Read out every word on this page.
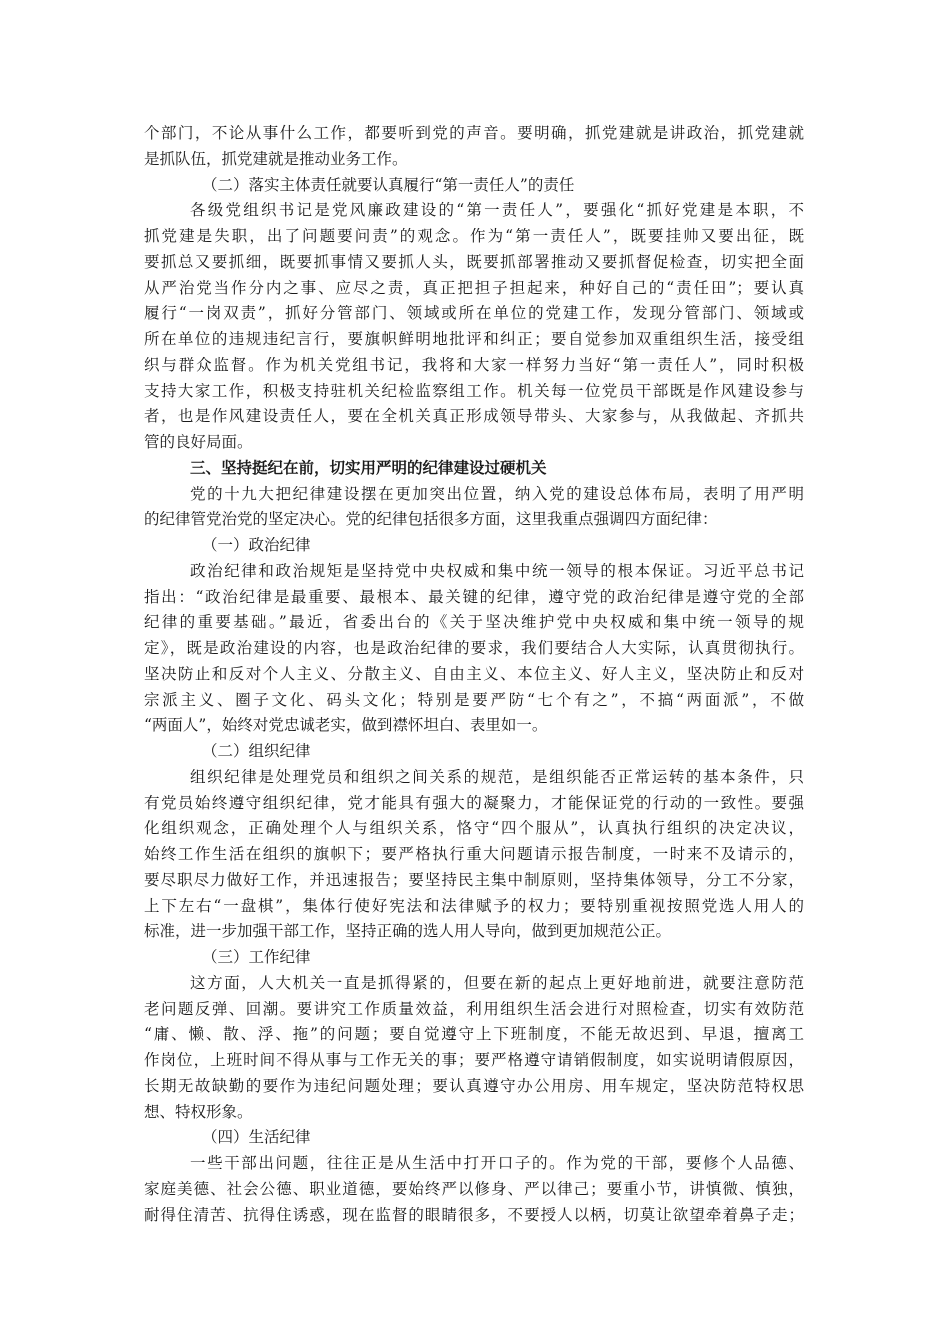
个部门，不论从事什么工作，都要听到党的声音。要明确，抓党建就是讲政治，抓党建就
是抓队伍，抓党建就是推动业务工作。
（二）落实主体责任就要认真履行“第一责任人”的责任
各级党组织书记是党风廉政建设的“第一责任人”，要强化“抓好党建是本职，不
抓党建是失职，出了问题要问责”的观念。作为“第一责任人”，既要挂帅又要出征，既
要抓总又要抓细，既要抓事情又要抓人头，既要抓部署推动又要抓督促检查，切实把全面
从严治党当作分内之事、应尽之责，真正把担子担起来，种好自己的“责任田”；要认真
履行“一岗双责”，抓好分管部门、领域或所在单位的党建工作，发现分管部门、领域或
所在单位的违规违纪言行，要旗帜鲜明地批评和纠正；要自觉参加双重组织生活，接受组
织与群众监督。作为机关党组书记，我将和大家一样努力当好“第一责任人”，同时积极
支持大家工作，积极支持驻机关纪检监察组工作。机关每一位党员干部既是作风建设参与
者，也是作风建设责任人，要在全机关真正形成领导带头、大家参与，从我做起、齐抓共
管的良好局面。
三、坚持挺纪在前，切实用严明的纪律建设过硬机关
党的十九大把纪律建设摆在更加突出位置，纳入党的建设总体布局，表明了用严明
的纪律管党治党的坚定决心。党的纪律包括很多方面，这里我重点强调四方面纪律：
（一）政治纪律
政治纪律和政治规矩是坚持党中央权威和集中统一领导的根本保证。习近平总书记
指出：“政治纪律是最重要、最根本、最关键的纪律，遵守党的政治纪律是遵守党的全部
纪律的重要基础。”最近，省委出台的《关于坚决维护党中央权威和集中统一领导的规
定》，既是政治建设的内容，也是政治纪律的要求，我们要结合人大实际，认真贯彻执行。
坚决防止和反对个人主义、分散主义、自由主义、本位主义、好人主义，坚决防止和反对
宗派主义、圈子文化、码头文化；特别是要严防“七个有之”，不搞“两面派”，不做
“两面人”，始终对党忠诚老实，做到襟怀坦白、表里如一。
（二）组织纪律
组织纪律是处理党员和组织之间关系的规范，是组织能否正常运转的基本条件，只
有党员始终遵守组织纪律，党才能具有强大的凝聚力，才能保证党的行动的一致性。要强
化组织观念，正确处理个人与组织关系，恪守“四个服从”，认真执行组织的决定决议，
始终工作生活在组织的旗帜下；要严格执行重大问题请示报告制度，一时来不及请示的，
要尽职尽力做好工作，并迅速报告；要坚持民主集中制原则，坚持集体领导，分工不分家，
上下左右“一盘棋”，集体行使好宪法和法律赋予的权力；要特别重视按照党选人用人的
标准，进一步加强干部工作，坚持正确的选人用人导向，做到更加规范公正。
（三）工作纪律
这方面，人大机关一直是抓得紧的，但要在新的起点上更好地前进，就要注意防范
老问题反弹、回潮。要讲究工作质量效益，利用组织生活会进行对照检查，切实有效防范
“庸、懒、散、浮、拖”的问题；要自觉遵守上下班制度，不能无故迟到、早退，擅离工
作岗位，上班时间不得从事与工作无关的事；要严格遵守请销假制度，如实说明请假原因，
长期无故缺勤的要作为违纪问题处理；要认真遵守办公用房、用车规定，坚决防范特权思
想、特权形象。
（四）生活纪律
一些干部出问题，往往正是从生活中打开口子的。作为党的干部，要修个人品德、
家庭美德、社会公德、职业道德，要始终严以修身、严以律己；要重小节，讲慎微、慎独，
耐得住清苦、抗得住诱惑，现在监督的眼睛很多，不要授人以柄，切莫让欲望牵着鼻子走；
